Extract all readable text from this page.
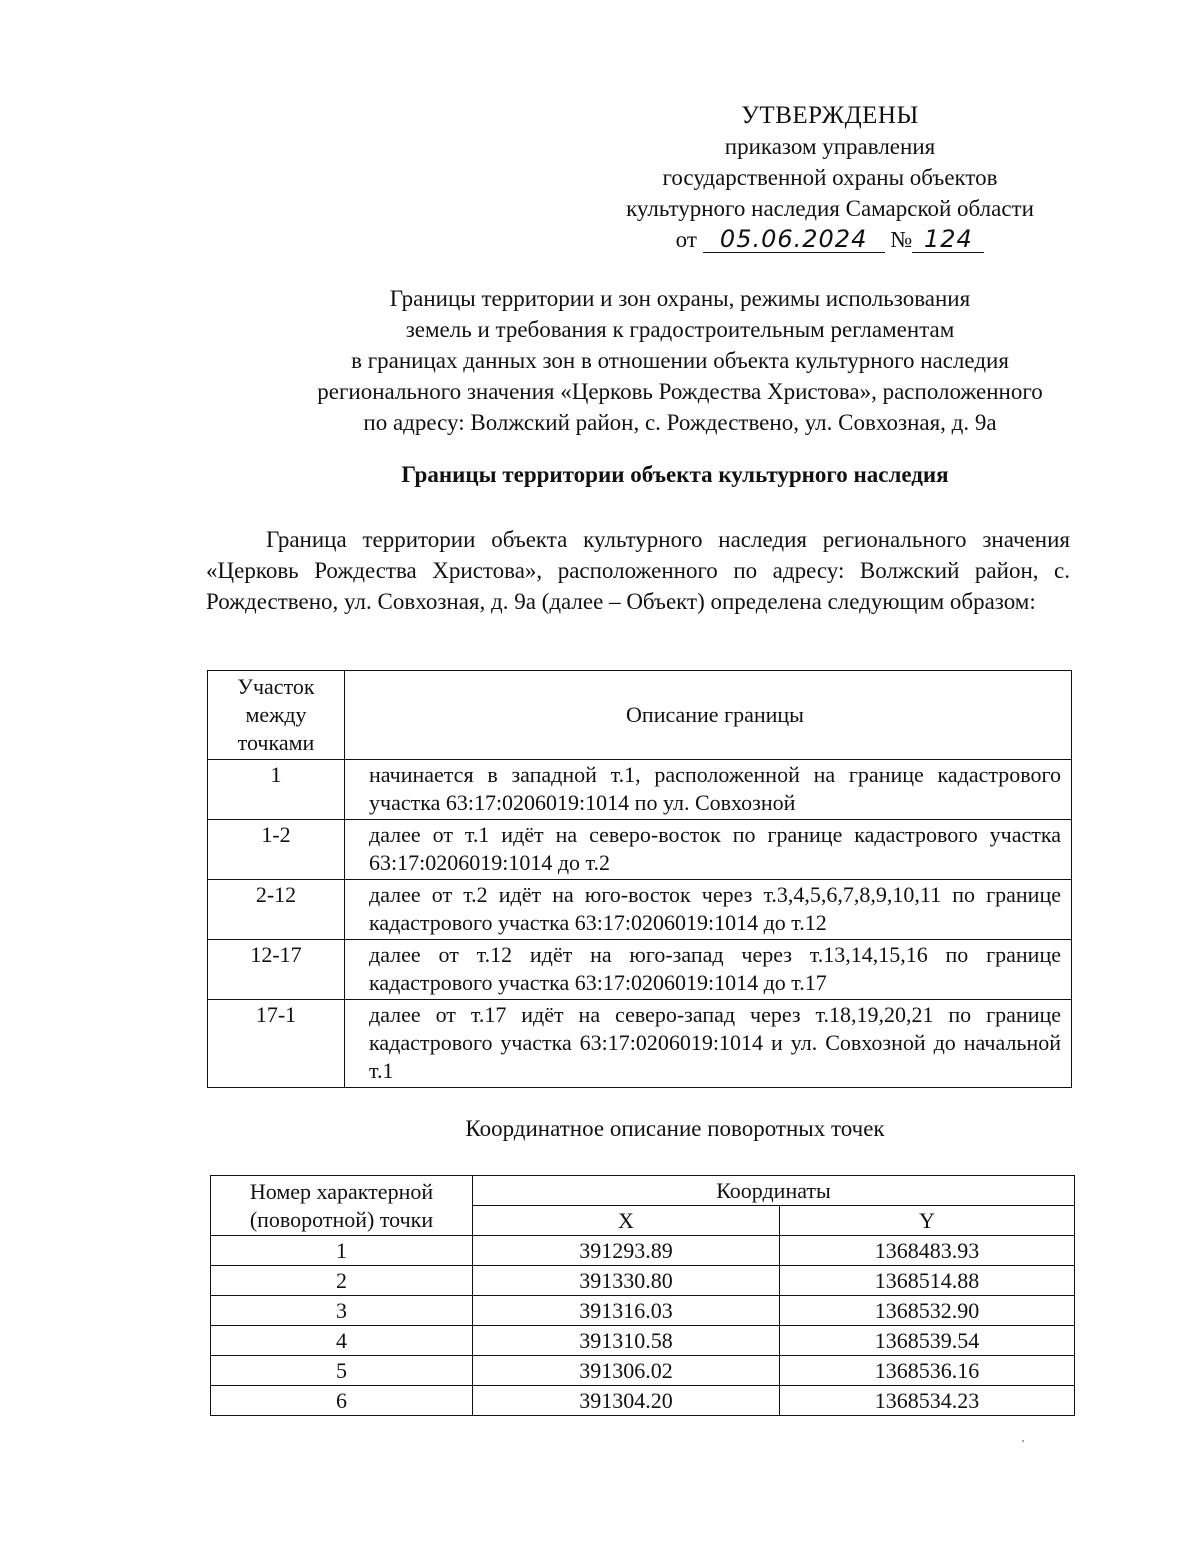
УТВЕРЖДЕНЫ
приказом управления
государственной охраны объектов
культурного наследия Самарской области
от 05.06.2024 № 124
Границы территории и зон охраны, режимы использования
земель и требования к градостроительным регламентам
в границах данных зон в отношении объекта культурного наследия
регионального значения «Церковь Рождества Христова», расположенного
по адресу: Волжский район, с. Рождествено, ул. Совхозная, д. 9а
Границы территории объекта культурного наследия
Граница территории объекта культурного наследия регионального значения «Церковь Рождества Христова», расположенного по адресу: Волжский район, с. Рождествено, ул. Совхозная, д. 9а (далее – Объект) определена следующим образом:
Участок между точками	Описание границы
1	начинается в западной т.1, расположенной на границе кадастрового участка 63:17:0206019:1014 по ул. Совхозной
1-2	далее от т.1 идёт на северо-восток по границе кадастрового участка 63:17:0206019:1014 до т.2
2-12	далее от т.2 идёт на юго-восток через т.3,4,5,6,7,8,9,10,11 по границе кадастрового участка 63:17:0206019:1014 до т.12
12-17	далее от т.12 идёт на юго-запад через т.13,14,15,16 по границе кадастрового участка 63:17:0206019:1014 до т.17
17-1	далее от т.17 идёт на северо-запад через т.18,19,20,21 по границе кадастрового участка 63:17:0206019:1014 и ул. Совхозной до начальной т.1
Координатное описание поворотных точек
Номер характерной (поворотной) точки	Координаты	
	X	Y
1	391293.89	1368483.93
2	391330.80	1368514.88
3	391316.03	1368532.90
4	391310.58	1368539.54
5	391306.02	1368536.16
6	391304.20	1368534.23
